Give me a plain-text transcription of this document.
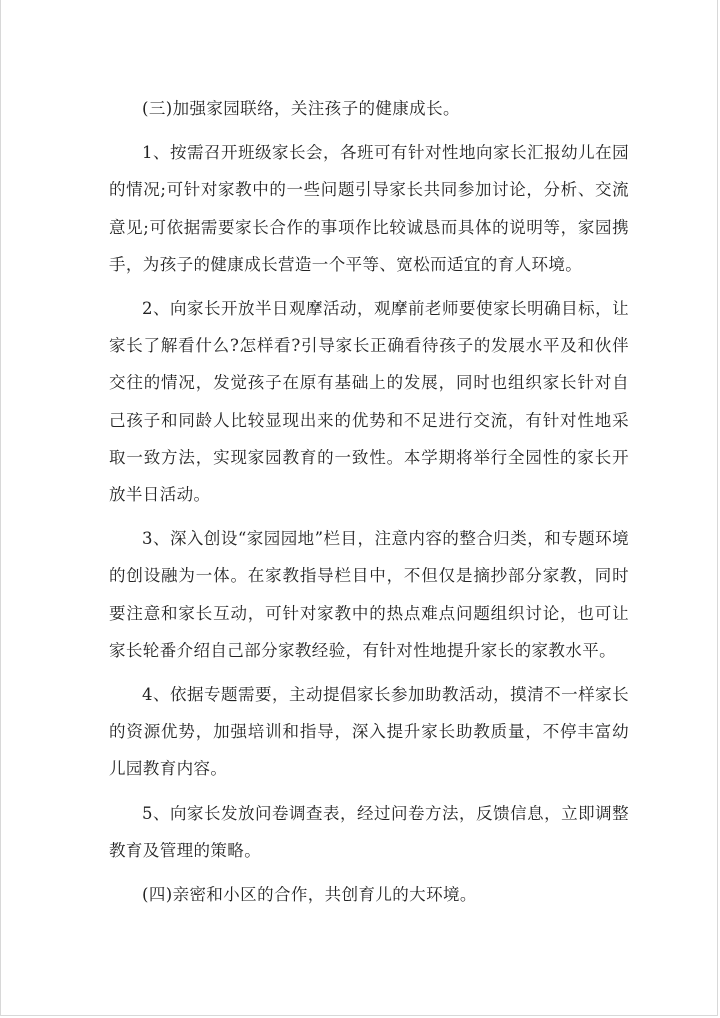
(三)加强家园联络，关注孩子的健康成长。

1、按需召开班级家长会，各班可有针对性地向家长汇报幼儿在园的情况;可针对家教中的一些问题引导家长共同参加讨论，分析、交流意见;可依据需要家长合作的事项作比较诚恳而具体的说明等，家园携手，为孩子的健康成长营造一个平等、宽松而适宜的育人环境。

2、向家长开放半日观摩活动，观摩前老师要使家长明确目标，让家长了解看什么?怎样看?引导家长正确看待孩子的发展水平及和伙伴交往的情况，发觉孩子在原有基础上的发展，同时也组织家长针对自己孩子和同龄人比较显现出来的优势和不足进行交流，有针对性地采取一致方法，实现家园教育的一致性。本学期将举行全园性的家长开放半日活动。

3、深入创设“家园园地”栏目，注意内容的整合归类，和专题环境的创设融为一体。在家教指导栏目中，不但仅是摘抄部分家教，同时要注意和家长互动，可针对家教中的热点难点问题组织讨论，也可让家长轮番介绍自己部分家教经验，有针对性地提升家长的家教水平。

4、依据专题需要，主动提倡家长参加助教活动，摸清不一样家长的资源优势，加强培训和指导，深入提升家长助教质量，不停丰富幼儿园教育内容。

5、向家长发放问卷调查表，经过问卷方法，反馈信息，立即调整教育及管理的策略。

(四)亲密和小区的合作，共创育儿的大环境。
